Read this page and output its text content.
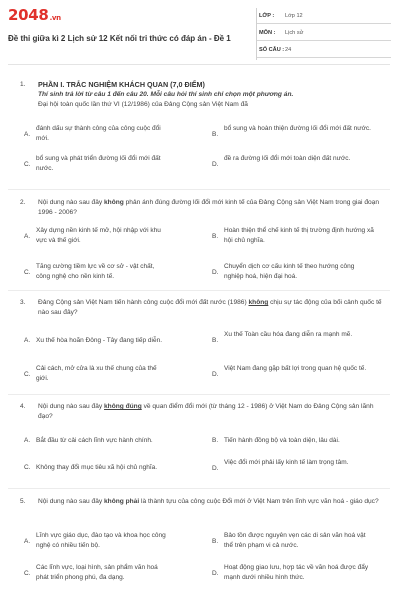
2048.vn
Đề thi giữa kì 2 Lịch sử 12 Kết nối tri thức có đáp án - Đề 1
LỚP : Lớp 12
MÔN : Lịch sử
SỐ CÂU : 24
1. PHẦN I. TRẮC NGHIỆM KHÁCH QUAN (7,0 ĐIỂM)
Thí sinh trả lời từ câu 1 đến câu 20. Mỗi câu hỏi thí sinh chỉ chọn một phương án.
Đại hội toàn quốc lần thứ VI (12/1986) của Đảng Cộng sản Việt Nam đã
A.
đánh dấu sự thành công của công cuộc đổi mới.
B.
bổ sung và hoàn thiện đường lối đổi mới đất nước.
C.
bổ sung và phát triển đường lối đổi mới đất nước.
D.
đề ra đường lối đổi mới toàn diện đất nước.
2. Nội dung nào sau đây không phản ánh đúng đường lối đổi mới kinh tế của Đảng Cộng sản Việt Nam trong giai đoạn 1996 - 2006?
A.
Xây dựng nền kinh tế mở, hội nhập với khu vực và thế giới.
B.
Hoàn thiện thể chế kinh tế thị trường định hướng xã hội chủ nghĩa.
C.
Tăng cường tiềm lực về cơ sở - vật chất, công nghệ cho nền kinh tế.
D.
Chuyển dịch cơ cấu kinh tế theo hướng công nghiệp hoá, hiện đại hoá.
3. Đảng Cộng sản Việt Nam tiến hành công cuộc đổi mới đất nước (1986) không chịu sự tác động của bối cảnh quốc tế nào sau đây?
A. Xu thế hòa hoãn Đông - Tây đang tiếp diễn.	B.
Xu thế Toàn cầu hóa đang diễn ra mạnh mẽ.
C.
Cải cách, mở cửa là xu thế chung của thế giới.
D.
Việt Nam đang gặp bất lợi trong quan hệ quốc tế.
4. Nội dung nào sau đây không đúng về quan điểm đổi mới (từ tháng 12 - 1986) ở Việt Nam do Đảng Cộng sản lãnh đạo?
A. Bắt đầu từ cải cách lĩnh vực hành chính.	B. Tiến hành đồng bộ và toàn diện, lâu dài.
C. Không thay đổi mục tiêu xã hội chủ nghĩa.	D.
Việc đổi mới phải lấy kinh tế làm trọng tâm.
5. Nội dung nào sau đây không phải là thành tựu của công cuộc Đổi mới ở Việt Nam trên lĩnh vực văn hoá - giáo dục?
A.
Lĩnh vực giáo dục, đào tạo và khoa học công nghệ có nhiều tiến bộ.
B.
Bảo tồn được nguyên vẹn các di sản văn hoá vật thể trên phạm vi cả nước.
C.
Các lĩnh vực, loại hình, sản phẩm văn hoá phát triển phong phú, đa dạng.
D.
Hoạt động giao lưu, hợp tác về văn hoá được đẩy mạnh dưới nhiều hình thức.
